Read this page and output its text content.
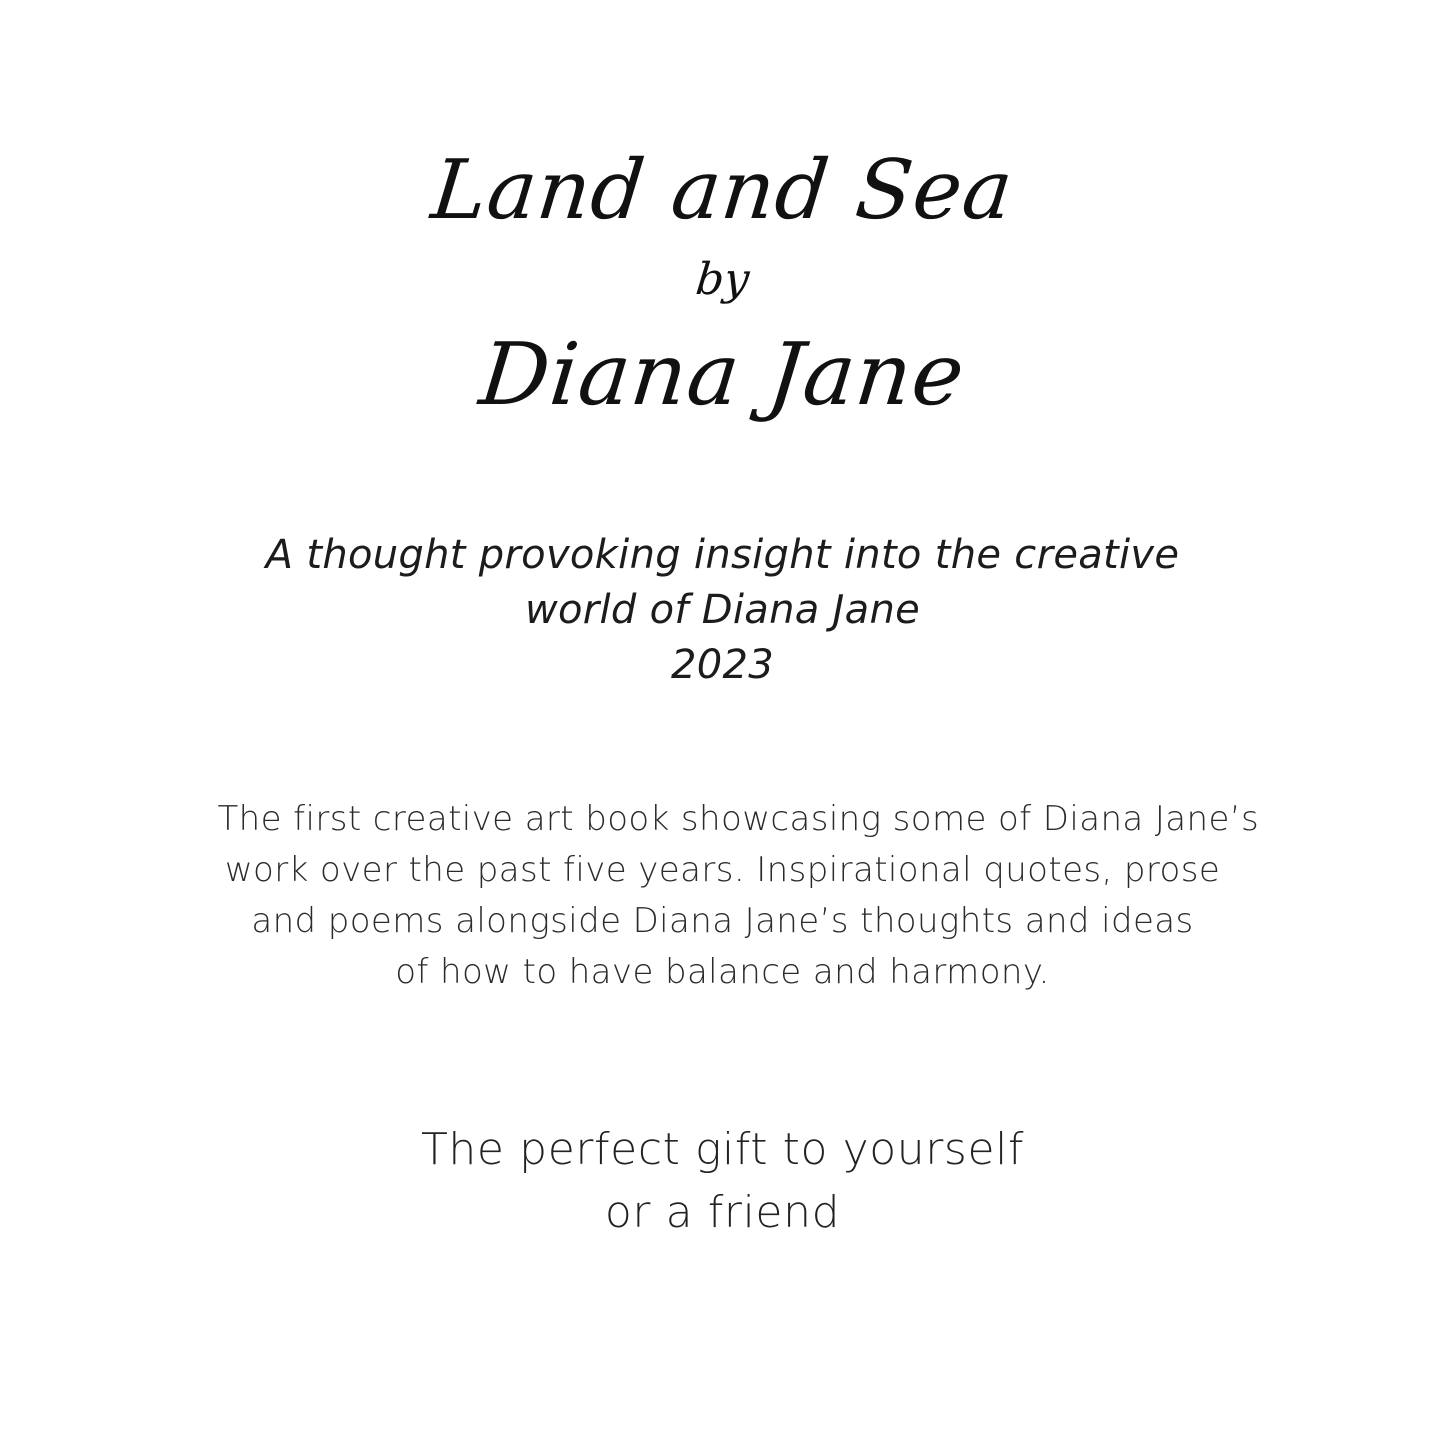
Land and Sea
by
Diana Jane
A thought provoking insight into the creative world of Diana Jane
2023
The first creative art book showcasing some of Diana Jane’s
work over the past five years. Inspirational quotes, prose
and poems alongside Diana Jane’s thoughts and ideas
of how to have balance and harmony.
The perfect gift to yourself
or a friend
